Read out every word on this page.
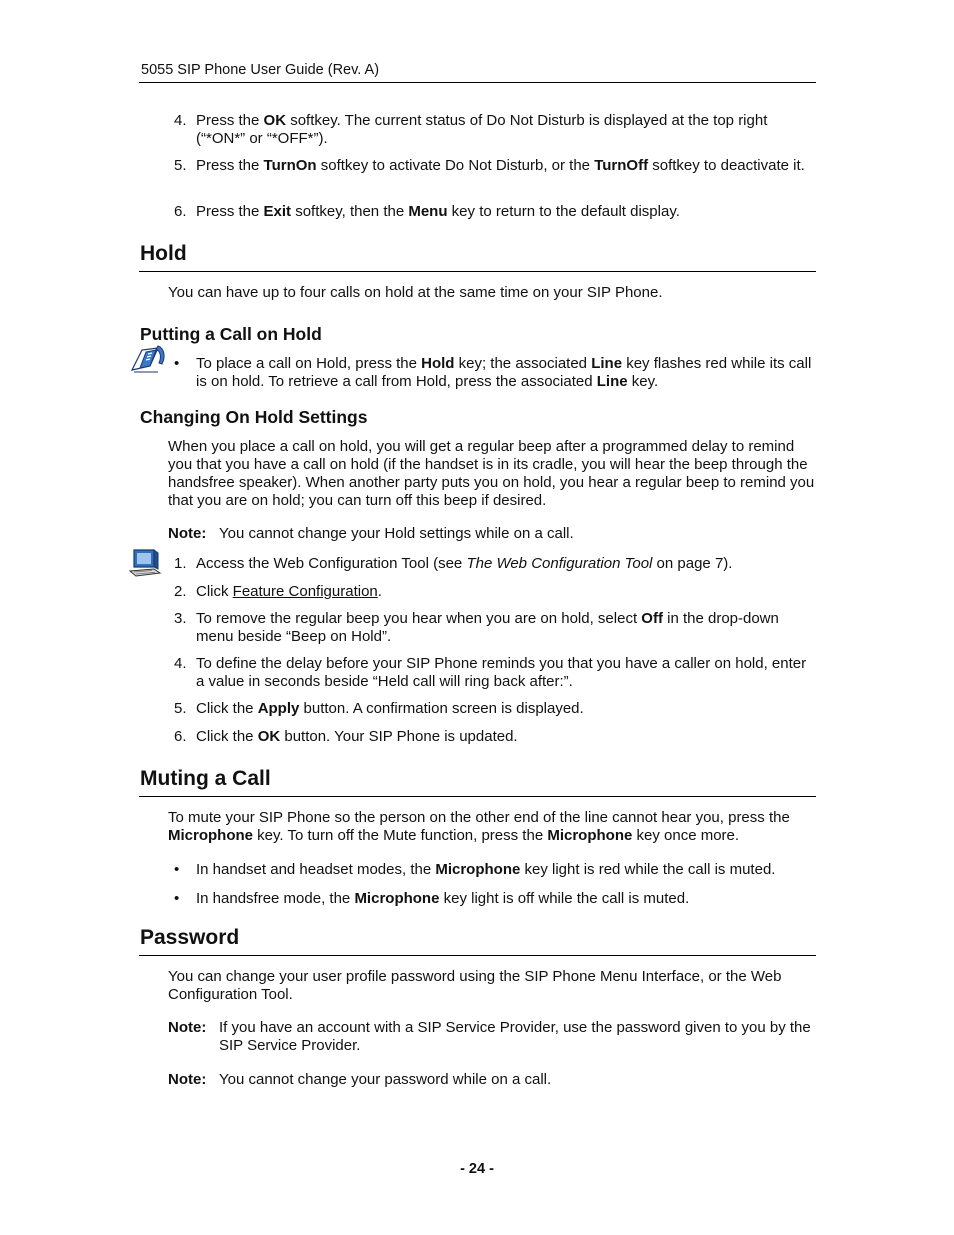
5055 SIP Phone User Guide (Rev. A)
4. Press the OK softkey. The current status of Do Not Disturb is displayed at the top right (“*ON*” or “*OFF*”).
5. Press the TurnOn softkey to activate Do Not Disturb, or the TurnOff softkey to deactivate it.
6. Press the Exit softkey, then the Menu key to return to the default display.
Hold
You can have up to four calls on hold at the same time on your SIP Phone.
Putting a Call on Hold
• To place a call on Hold, press the Hold key; the associated Line key flashes red while its call is on hold. To retrieve a call from Hold, press the associated Line key.
Changing On Hold Settings
When you place a call on hold, you will get a regular beep after a programmed delay to remind you that you have a call on hold (if the handset is in its cradle, you will hear the beep through the handsfree speaker). When another party puts you on hold, you hear a regular beep to remind you that you are on hold; you can turn off this beep if desired.
Note: You cannot change your Hold settings while on a call.
1. Access the Web Configuration Tool (see The Web Configuration Tool on page 7).
2. Click Feature Configuration.
3. To remove the regular beep you hear when you are on hold, select Off in the drop-down menu beside “Beep on Hold”.
4. To define the delay before your SIP Phone reminds you that you have a caller on hold, enter a value in seconds beside “Held call will ring back after:”.
5. Click the Apply button. A confirmation screen is displayed.
6. Click the OK button. Your SIP Phone is updated.
Muting a Call
To mute your SIP Phone so the person on the other end of the line cannot hear you, press the Microphone key. To turn off the Mute function, press the Microphone key once more.
• In handset and headset modes, the Microphone key light is red while the call is muted.
• In handsfree mode, the Microphone key light is off while the call is muted.
Password
You can change your user profile password using the SIP Phone Menu Interface, or the Web Configuration Tool.
Note: If you have an account with a SIP Service Provider, use the password given to you by the SIP Service Provider.
Note: You cannot change your password while on a call.
- 24 -
